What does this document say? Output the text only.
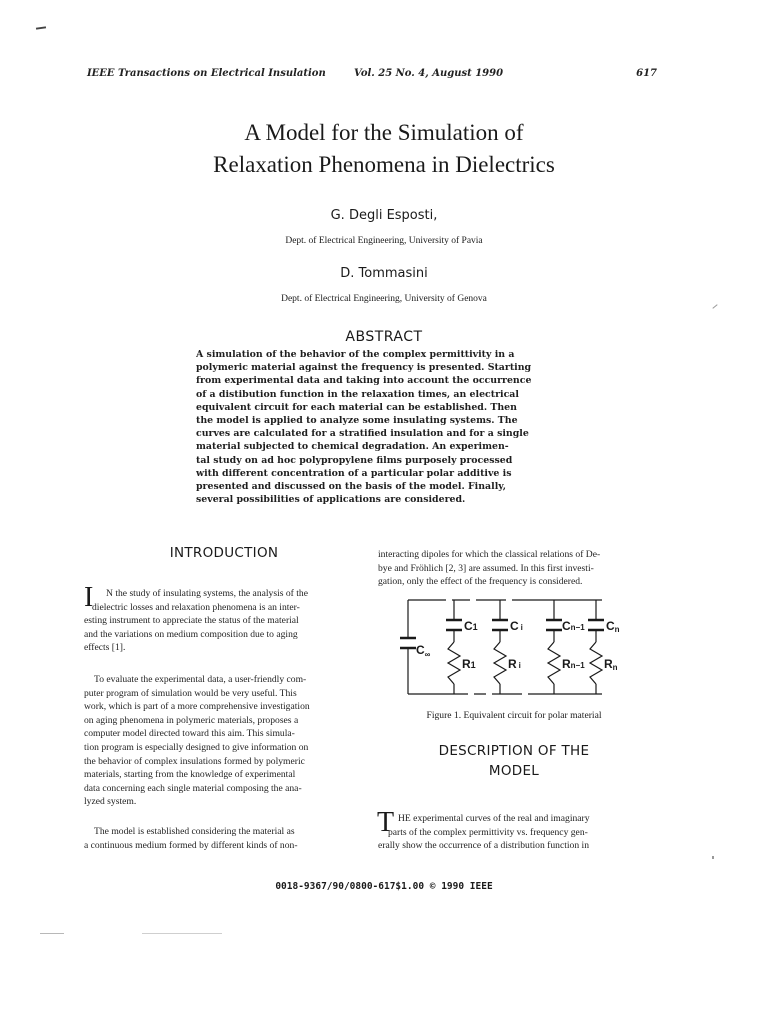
IEEE Transactions on Electrical Insulation	Vol. 25 No. 4, August 1990	617
A Model for the Simulation of
Relaxation Phenomena in Dielectrics
G. Degli Esposti,
Dept. of Electrical Engineering, University of Pavia
D. Tommasini
Dept. of Electrical Engineering, University of Genova
ABSTRACT
A simulation of the behavior of the complex permittivity in a
polymeric material against the frequency is presented. Starting
from experimental data and taking into account the occurrence
of a distibution function in the relaxation times, an electrical
equivalent circuit for each material can be established. Then
the model is applied to analyze some insulating systems. The
curves are calculated for a stratified insulation and for a single
material subjected to chemical degradation. An experimen-
tal study on ad hoc polypropylene films purposely processed
with different concentration of a particular polar additive is
presented and discussed on the basis of the model. Finally,
several possibilities of applications are considered.
INTRODUCTION
I	N the study of insulating systems, the analysis of the
dielectric losses and relaxation phenomena is an inter-
esting instrument to appreciate the status of the material
and the variations on medium composition due to aging
effects [1].
To evaluate the experimental data, a user-friendly com-
puter program of simulation would be very useful. This
work, which is part of a more comprehensive investigation
on aging phenomena in polymeric materials, proposes a
computer model directed toward this aim. This simula-
tion program is especially designed to give information on
the behavior of complex insulations formed by polymeric
materials, starting from the knowledge of experimental
data concerning each single material composing the ana-
lyzed system.
The model is established considering the material as
a continuous medium formed by different kinds of non-
interacting dipoles for which the classical relations of De-
bye and Fröhlich [2, 3] are assumed. In this first investi-
gation, only the effect of the frequency is considered.
$C_\infty$
C1	Ci	Cn−1 Cn
R1	Ri	Rn−1 Rn
Figure 1. Equivalent circuit for polar material
DESCRIPTION OF THE
MODEL
T HE experimental curves of the real and imaginary
parts of the complex permittivity vs. frequency gen-
erally show the occurrence of a distribution function in
0018-9367/90/0800-617$1.00 © 1990 IEEE
